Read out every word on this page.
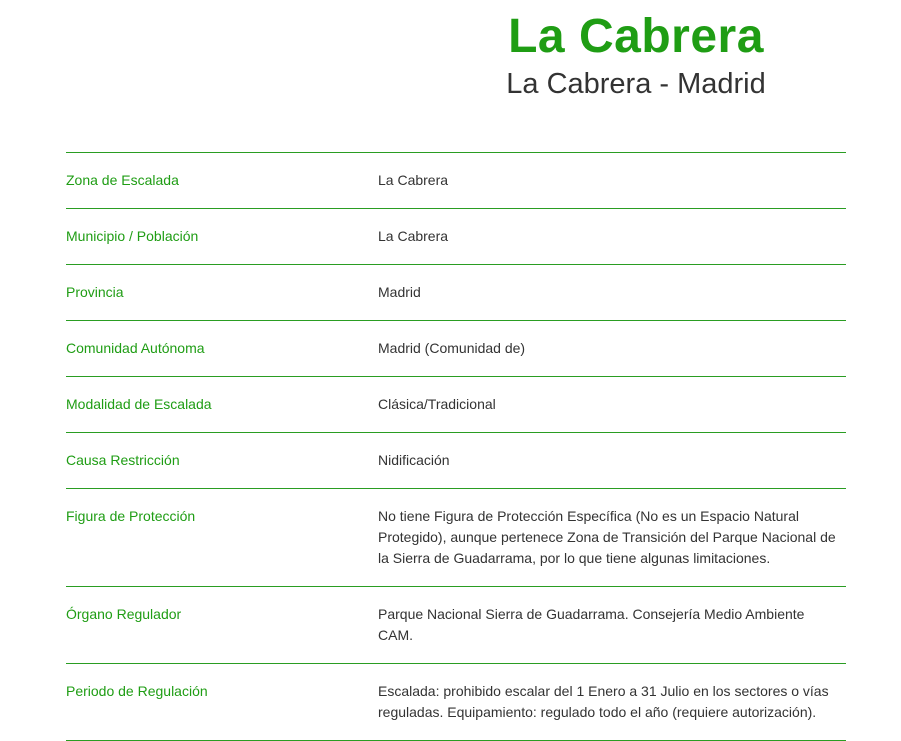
La Cabrera
La Cabrera - Madrid
Zona de Escalada	La Cabrera
Municipio / Población	La Cabrera
Provincia	Madrid
Comunidad Autónoma	Madrid (Comunidad de)
Modalidad de Escalada	Clásica/Tradicional
Causa Restricción	Nidificación
Figura de Protección	No tiene Figura de Protección Específica (No es un Espacio Natural Protegido), aunque pertenece Zona de Transición del Parque Nacional de la Sierra de Guadarrama, por lo que tiene algunas limitaciones.
Órgano Regulador	Parque Nacional Sierra de Guadarrama. Consejería Medio Ambiente CAM.
Periodo de Regulación	Escalada: prohibido escalar del 1 Enero a 31 Julio en los sectores o vías reguladas. Equipamiento: regulado todo el año (requiere autorización).
